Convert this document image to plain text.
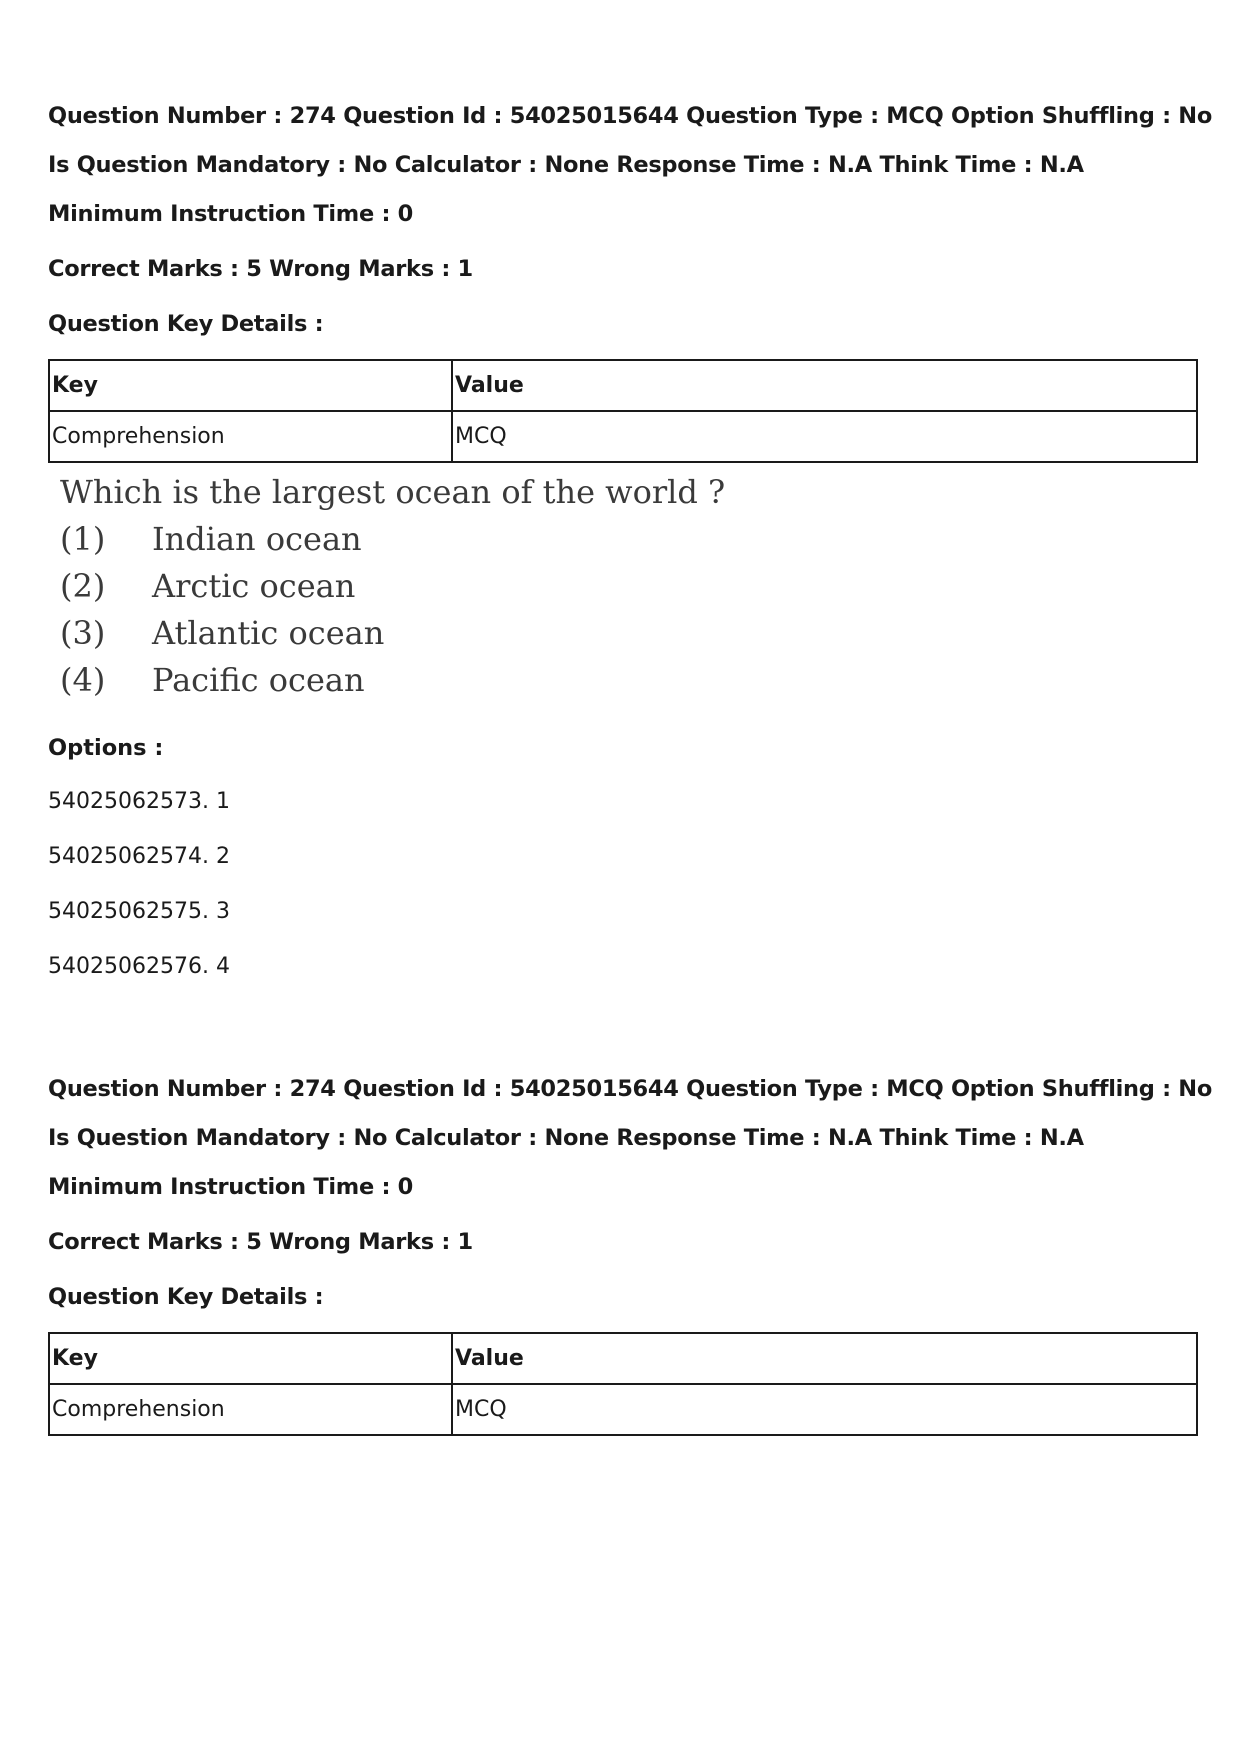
Question Number : 274 Question Id : 54025015644 Question Type : MCQ Option Shuffling : No
Is Question Mandatory : No Calculator : None Response Time : N.A Think Time : N.A
Minimum Instruction Time : 0
Correct Marks : 5 Wrong Marks : 1
Question Key Details :
Key	Value
Comprehension	MCQ
Which is the largest ocean of the world ?
(1)	Indian ocean
(2)	Arctic ocean
(3)	Atlantic ocean
(4)	Pacific ocean
Options :
54025062573. 1
54025062574. 2
54025062575. 3
54025062576. 4
Question Number : 274 Question Id : 54025015644 Question Type : MCQ Option Shuffling : No
Is Question Mandatory : No Calculator : None Response Time : N.A Think Time : N.A
Minimum Instruction Time : 0
Correct Marks : 5 Wrong Marks : 1
Question Key Details :
Key	Value
Comprehension	MCQ
